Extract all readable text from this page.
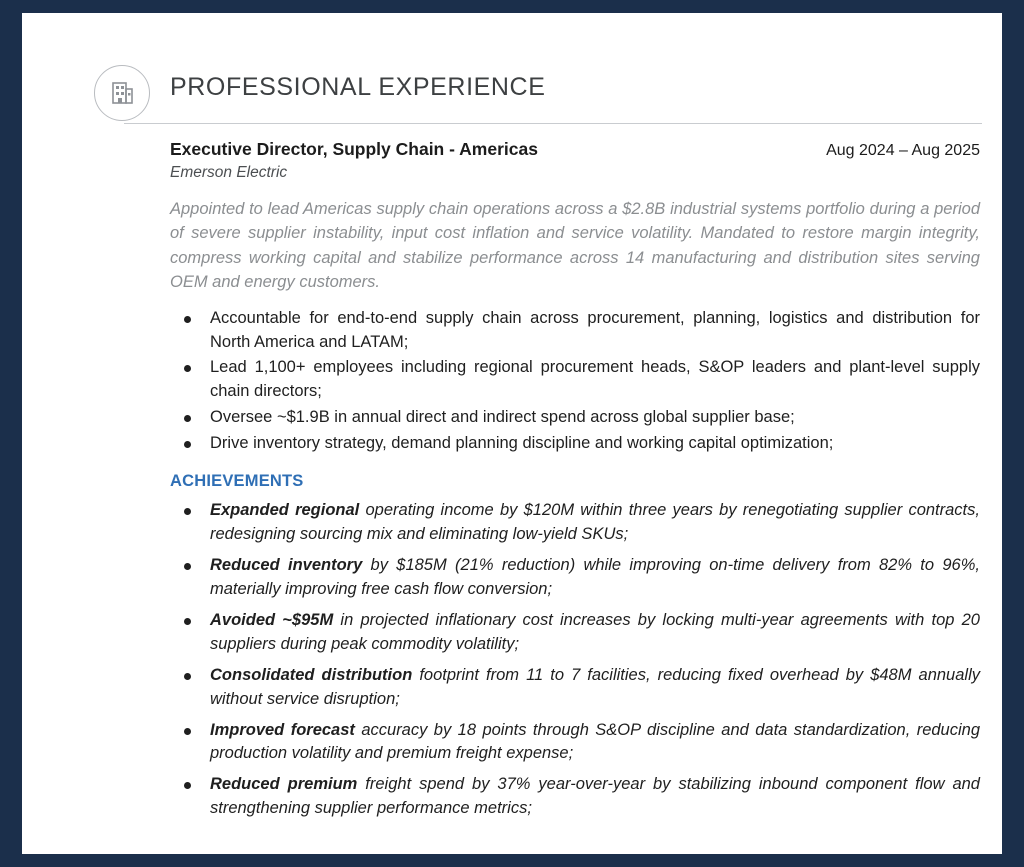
PROFESSIONAL EXPERIENCE
Executive Director, Supply Chain - Americas	Aug 2024 – Aug 2025
Emerson Electric
Appointed to lead Americas supply chain operations across a $2.8B industrial systems portfolio during a period of severe supplier instability, input cost inflation and service volatility. Mandated to restore margin integrity, compress working capital and stabilize performance across 14 manufacturing and distribution sites serving OEM and energy customers.
Accountable for end-to-end supply chain across procurement, planning, logistics and distribution for North America and LATAM;
Lead 1,100+ employees including regional procurement heads, S&OP leaders and plant-level supply chain directors;
Oversee ~$1.9B in annual direct and indirect spend across global supplier base;
Drive inventory strategy, demand planning discipline and working capital optimization;
ACHIEVEMENTS
Expanded regional operating income by $120M within three years by renegotiating supplier contracts, redesigning sourcing mix and eliminating low-yield SKUs;
Reduced inventory by $185M (21% reduction) while improving on-time delivery from 82% to 96%, materially improving free cash flow conversion;
Avoided ~$95M in projected inflationary cost increases by locking multi-year agreements with top 20 suppliers during peak commodity volatility;
Consolidated distribution footprint from 11 to 7 facilities, reducing fixed overhead by $48M annually without service disruption;
Improved forecast accuracy by 18 points through S&OP discipline and data standardization, reducing production volatility and premium freight expense;
Reduced premium freight spend by 37% year-over-year by stabilizing inbound component flow and strengthening supplier performance metrics;
